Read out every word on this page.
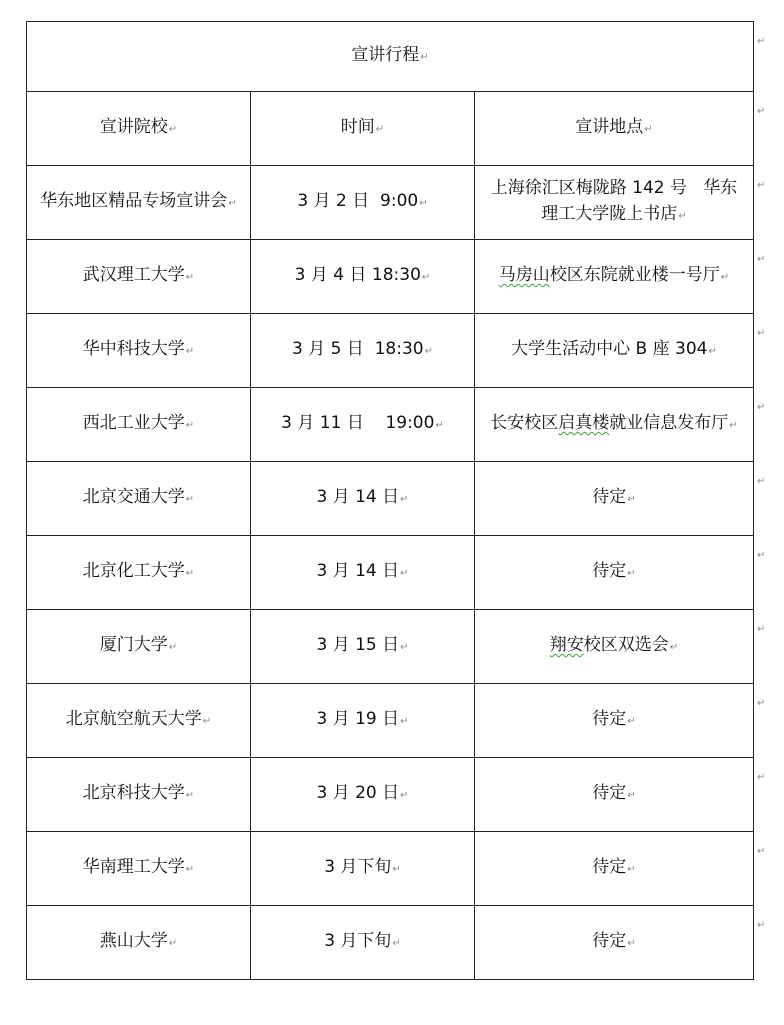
宣讲行程↵		
宣讲院校↵	时间↵	宣讲地点↵
华东地区精品专场宣讲会↵	3 月 2 日  9:00↵	上海徐汇区梅陇路 142 号   华东
理工大学陇上书店↵
武汉理工大学↵	3 月 4 日 18:30↵	马房山校区东院就业楼一号厅↵
华中科技大学↵	3 月 5 日  18:30↵	大学生活动中心 B 座 304↵
西北工业大学↵	3 月 11 日    19:00↵	长安校区启真楼就业信息发布厅↵
北京交通大学↵	3 月 14 日↵	待定↵
北京化工大学↵	3 月 14 日↵	待定↵
厦门大学↵	3 月 15 日↵	翔安校区双选会↵
北京航空航天大学↵	3 月 19 日↵	待定↵
北京科技大学↵	3 月 20 日↵	待定↵
华南理工大学↵	3 月下旬↵	待定↵
燕山大学↵	3 月下旬↵	待定↵
↵
↵
↵
↵
↵
↵
↵
↵
↵
↵
↵
↵
↵
